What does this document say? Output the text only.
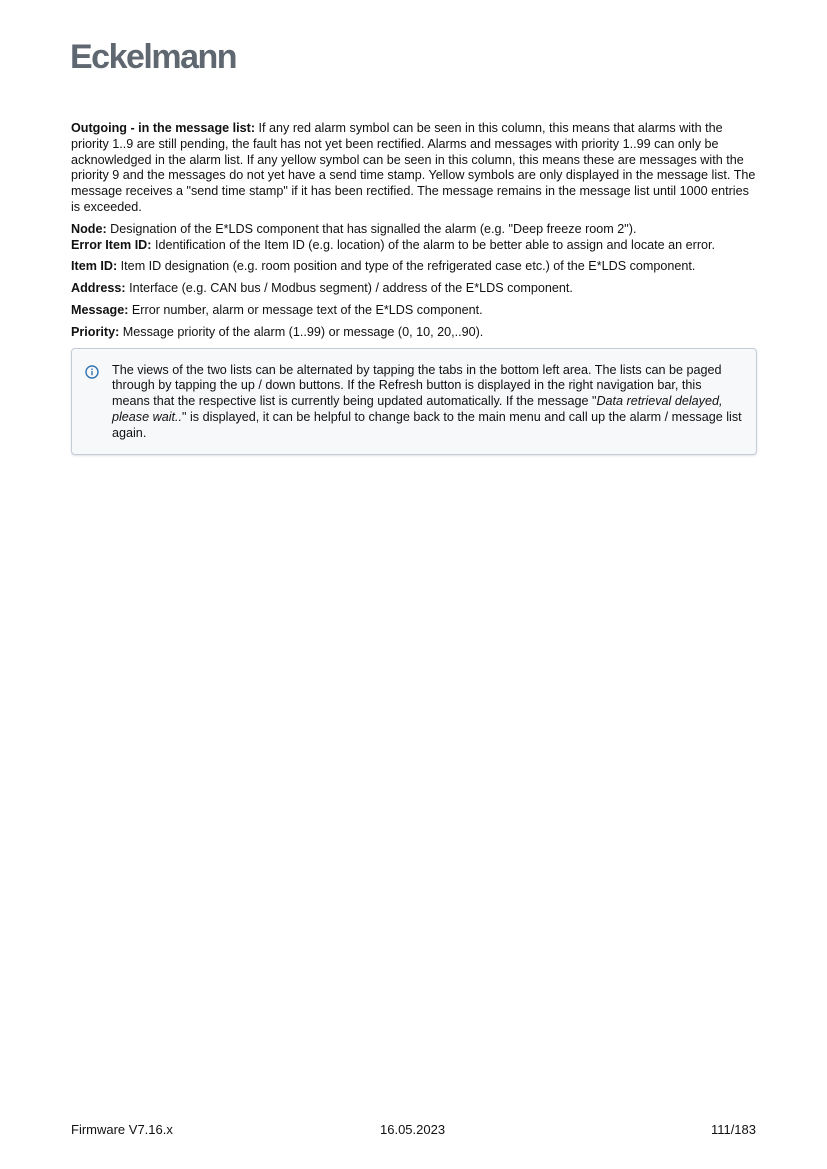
Eckelmann

Outgoing - in the message list: If any red alarm symbol can be seen in this column, this means that alarms with the priority 1..9 are still pending, the fault has not yet been rectified. Alarms and messages with priority 1..99 can only be acknowledged in the alarm list. If any yellow symbol can be seen in this column, this means these are messages with the priority 9 and the messages do not yet have a send time stamp. Yellow symbols are only displayed in the message list. The message receives a "send time stamp" if it has been rectified. The message remains in the message list until 1000 entries is exceeded.

Node: Designation of the E*LDS component that has signalled the alarm (e.g. "Deep freeze room 2").

Error Item ID: Identification of the Item ID (e.g. location) of the alarm to be better able to assign and locate an error.

Item ID: Item ID designation (e.g. room position and type of the refrigerated case etc.) of the E*LDS component.

Address: Interface (e.g. CAN bus / Modbus segment) / address of the E*LDS component.

Message: Error number, alarm or message text of the E*LDS component.

Priority: Message priority of the alarm (1..99) or message (0, 10, 20,..90).

The views of the two lists can be alternated by tapping the tabs in the bottom left area. The lists can be paged through by tapping the up / down buttons. If the Refresh button is displayed in the right navigation bar, this means that the respective list is currently being updated automatically. If the message "Data retrieval delayed, please wait.." is displayed, it can be helpful to change back to the main menu and call up the alarm / message list again.

Firmware V7.16.x	16.05.2023	111/183
